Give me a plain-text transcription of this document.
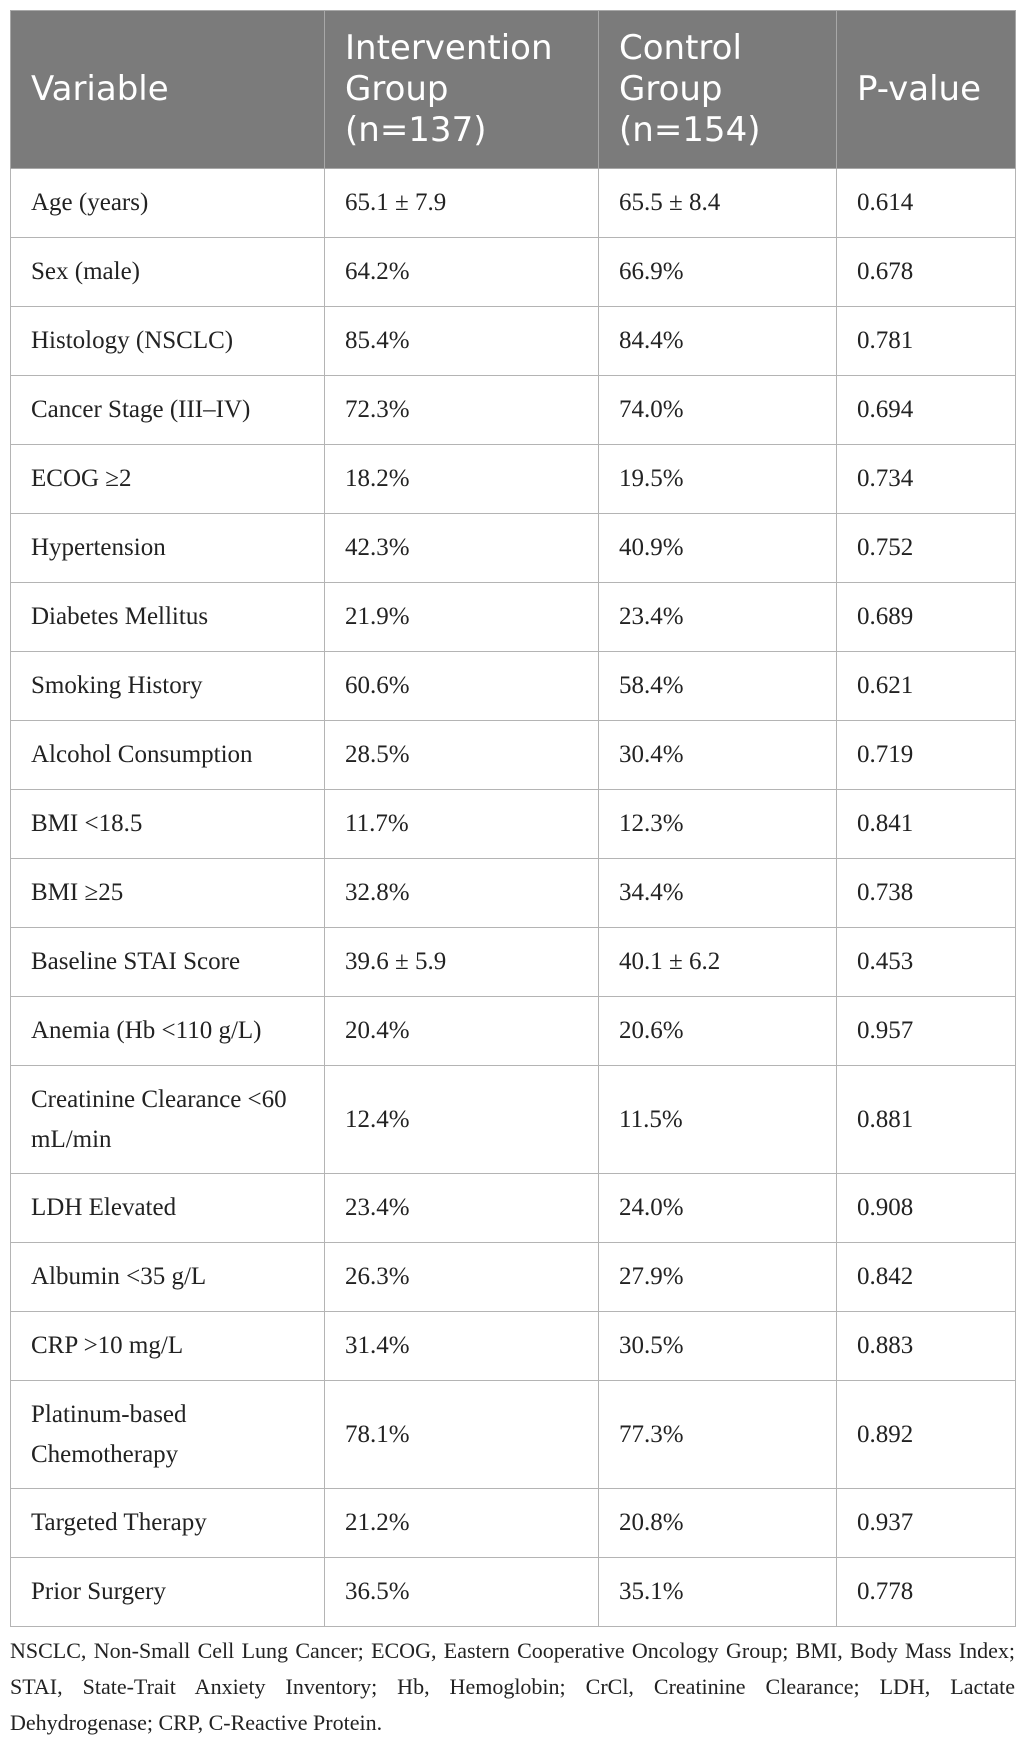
Variable	Intervention Group (n=137)	Control Group (n=154)	P-value
Age (years)	65.1 ± 7.9	65.5 ± 8.4	0.614
Sex (male)	64.2%	66.9%	0.678
Histology (NSCLC)	85.4%	84.4%	0.781
Cancer Stage (III–IV)	72.3%	74.0%	0.694
ECOG ≥2	18.2%	19.5%	0.734
Hypertension	42.3%	40.9%	0.752
Diabetes Mellitus	21.9%	23.4%	0.689
Smoking History	60.6%	58.4%	0.621
Alcohol Consumption	28.5%	30.4%	0.719
BMI <18.5	11.7%	12.3%	0.841
BMI ≥25	32.8%	34.4%	0.738
Baseline STAI Score	39.6 ± 5.9	40.1 ± 6.2	0.453
Anemia (Hb <110 g/L)	20.4%	20.6%	0.957
Creatinine Clearance <60 mL/min	12.4%	11.5%	0.881
LDH Elevated	23.4%	24.0%	0.908
Albumin <35 g/L	26.3%	27.9%	0.842
CRP >10 mg/L	31.4%	30.5%	0.883
Platinum-based Chemotherapy	78.1%	77.3%	0.892
Targeted Therapy	21.2%	20.8%	0.937
Prior Surgery	36.5%	35.1%	0.778
NSCLC, Non-Small Cell Lung Cancer; ECOG, Eastern Cooperative Oncology Group; BMI, Body Mass Index; STAI, State-Trait Anxiety Inventory; Hb, Hemoglobin; CrCl, Creatinine Clearance; LDH, Lactate Dehydrogenase; CRP, C-Reactive Protein.
